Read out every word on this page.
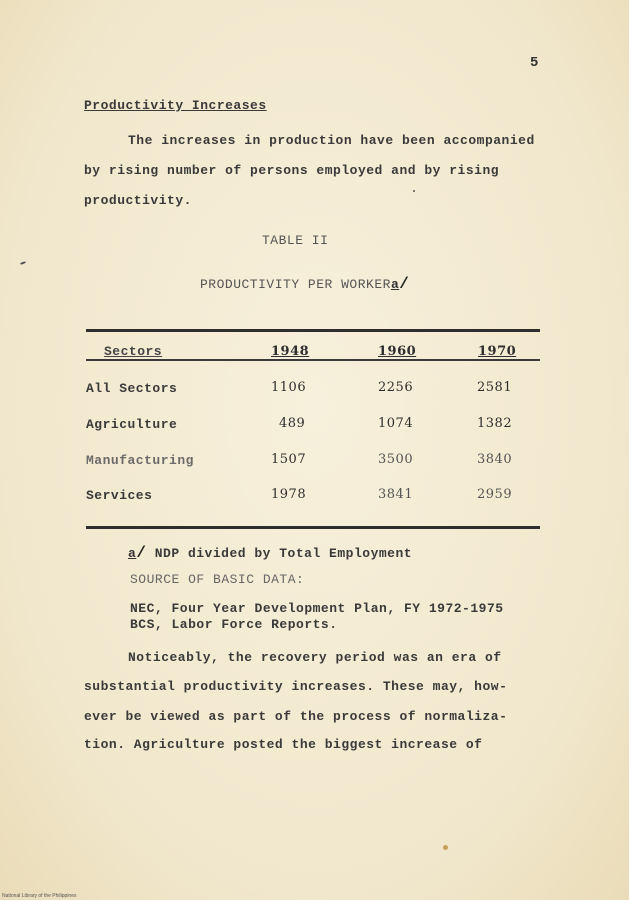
5
Productivity Increases
The increases in production have been accompanied
by rising number of persons employed and by rising
productivity.
TABLE II
PRODUCTIVITY PER WORKERa/
Sectors	1948	1960	1970
All Sectors	1106	2256	2581
Agriculture	489	1074	1382
Manufacturing	1507	3500	3840
Services	1978	3841	2959
a/ NDP divided by Total Employment
SOURCE OF BASIC DATA:
NEC, Four Year Development Plan, FY 1972-1975
BCS, Labor Force Reports.
Noticeably, the recovery period was an era of
substantial productivity increases. These may, how-
ever be viewed as part of the process of normaliza-
tion. Agriculture posted the biggest increase of
National Library of the Philippines
